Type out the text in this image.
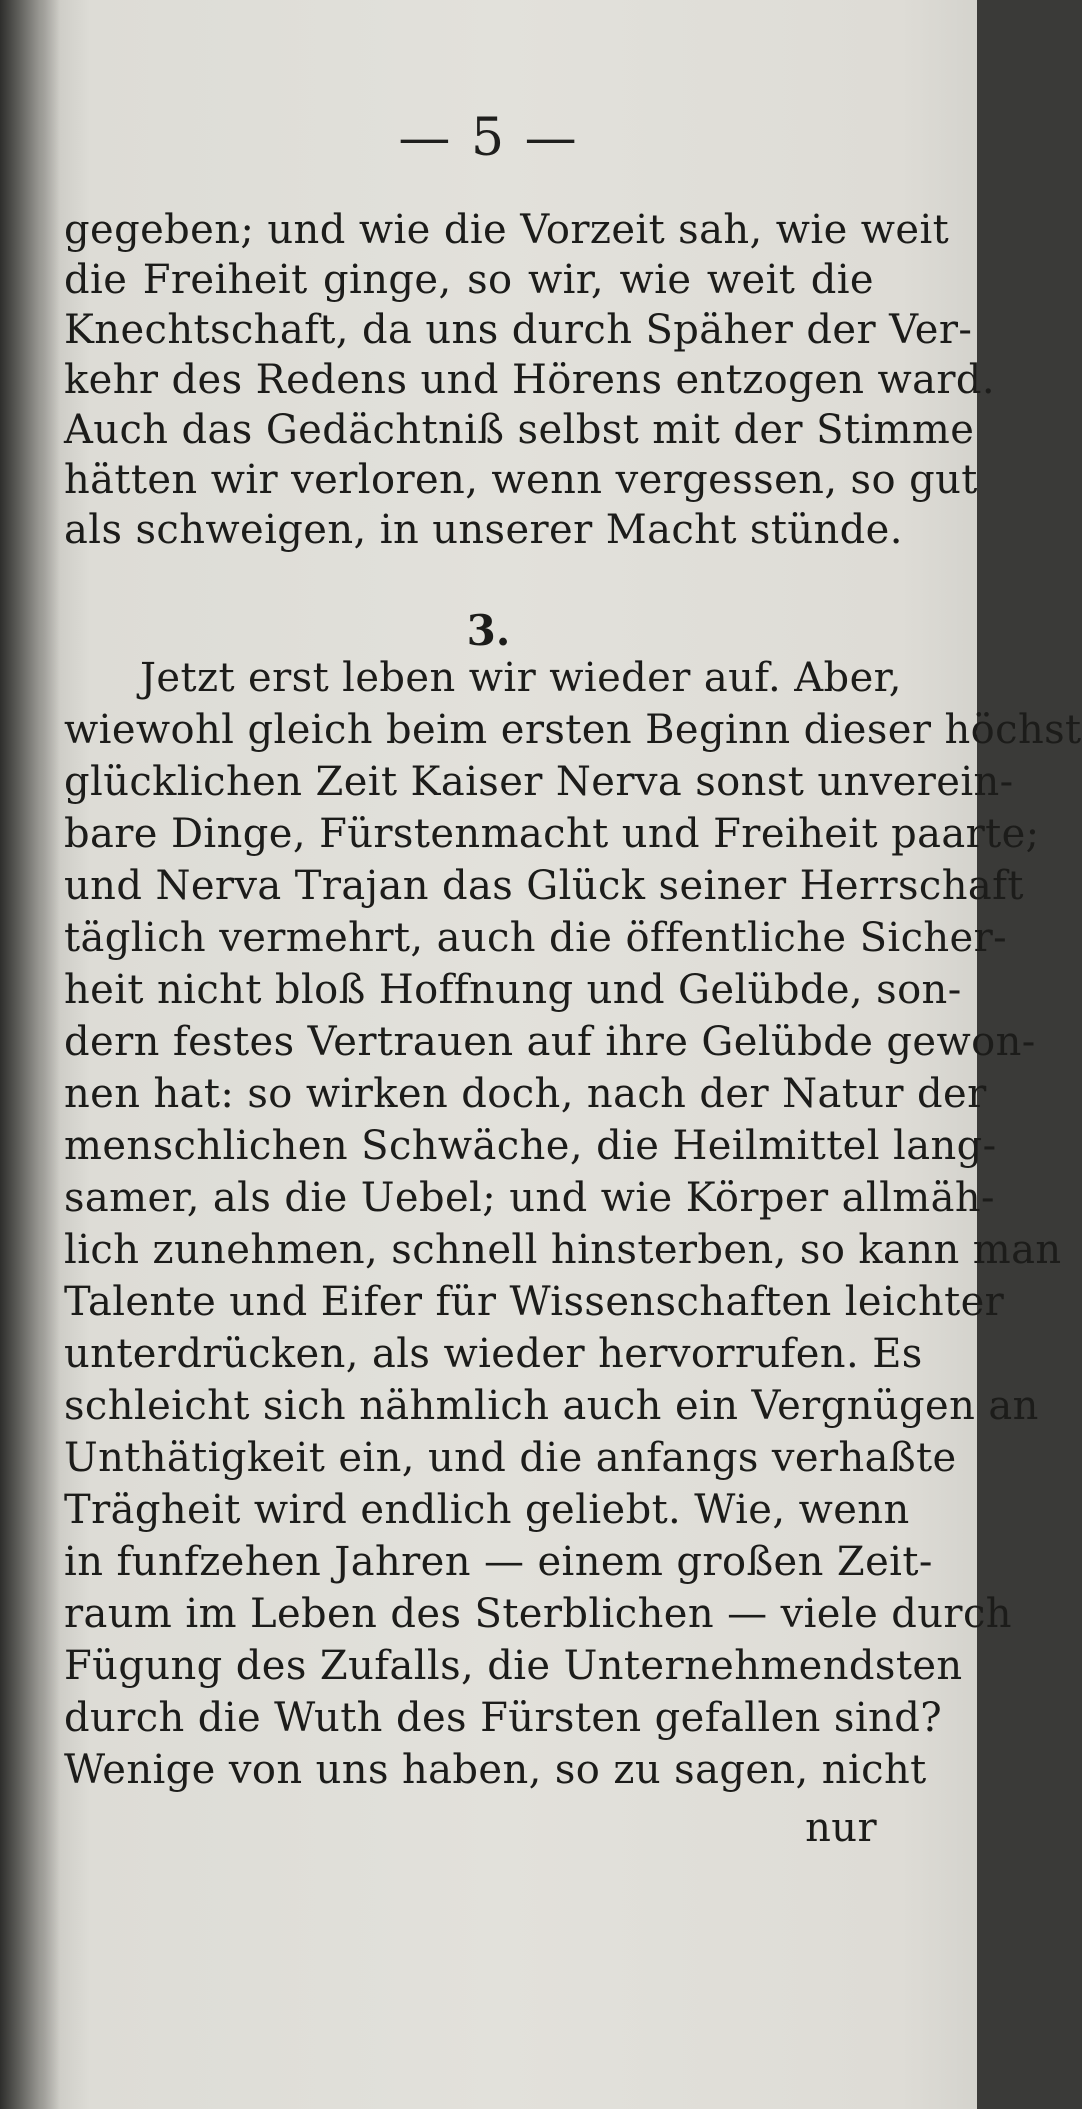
— 5 —
gegeben; und wie die Vorzeit sah, wie weit
die Freiheit ginge, so wir, wie weit die
Knechtschaft, da uns durch Späher der Ver-
kehr des Redens und Hörens entzogen ward.
Auch das Gedächtniß selbst mit der Stimme
hätten wir verloren, wenn vergessen, so gut
als schweigen, in unserer Macht stünde.
3.
Jetzt erst leben wir wieder auf. Aber,
wiewohl gleich beim ersten Beginn dieser höchst
glücklichen Zeit Kaiser Nerva sonst unverein-
bare Dinge, Fürstenmacht und Freiheit paarte;
und Nerva Trajan das Glück seiner Herrschaft
täglich vermehrt, auch die öffentliche Sicher-
heit nicht bloß Hoffnung und Gelübde, son-
dern festes Vertrauen auf ihre Gelübde gewon-
nen hat: so wirken doch, nach der Natur der
menschlichen Schwäche, die Heilmittel lang-
samer, als die Uebel; und wie Körper allmäh-
lich zunehmen, schnell hinsterben, so kann man
Talente und Eifer für Wissenschaften leichter
unterdrücken, als wieder hervorrufen. Es
schleicht sich nähmlich auch ein Vergnügen an
Unthätigkeit ein, und die anfangs verhaßte
Trägheit wird endlich geliebt. Wie, wenn
in funfzehen Jahren — einem großen Zeit-
raum im Leben des Sterblichen — viele durch
Fügung des Zufalls, die Unternehmendsten
durch die Wuth des Fürsten gefallen sind?
Wenige von uns haben, so zu sagen, nicht
nur
